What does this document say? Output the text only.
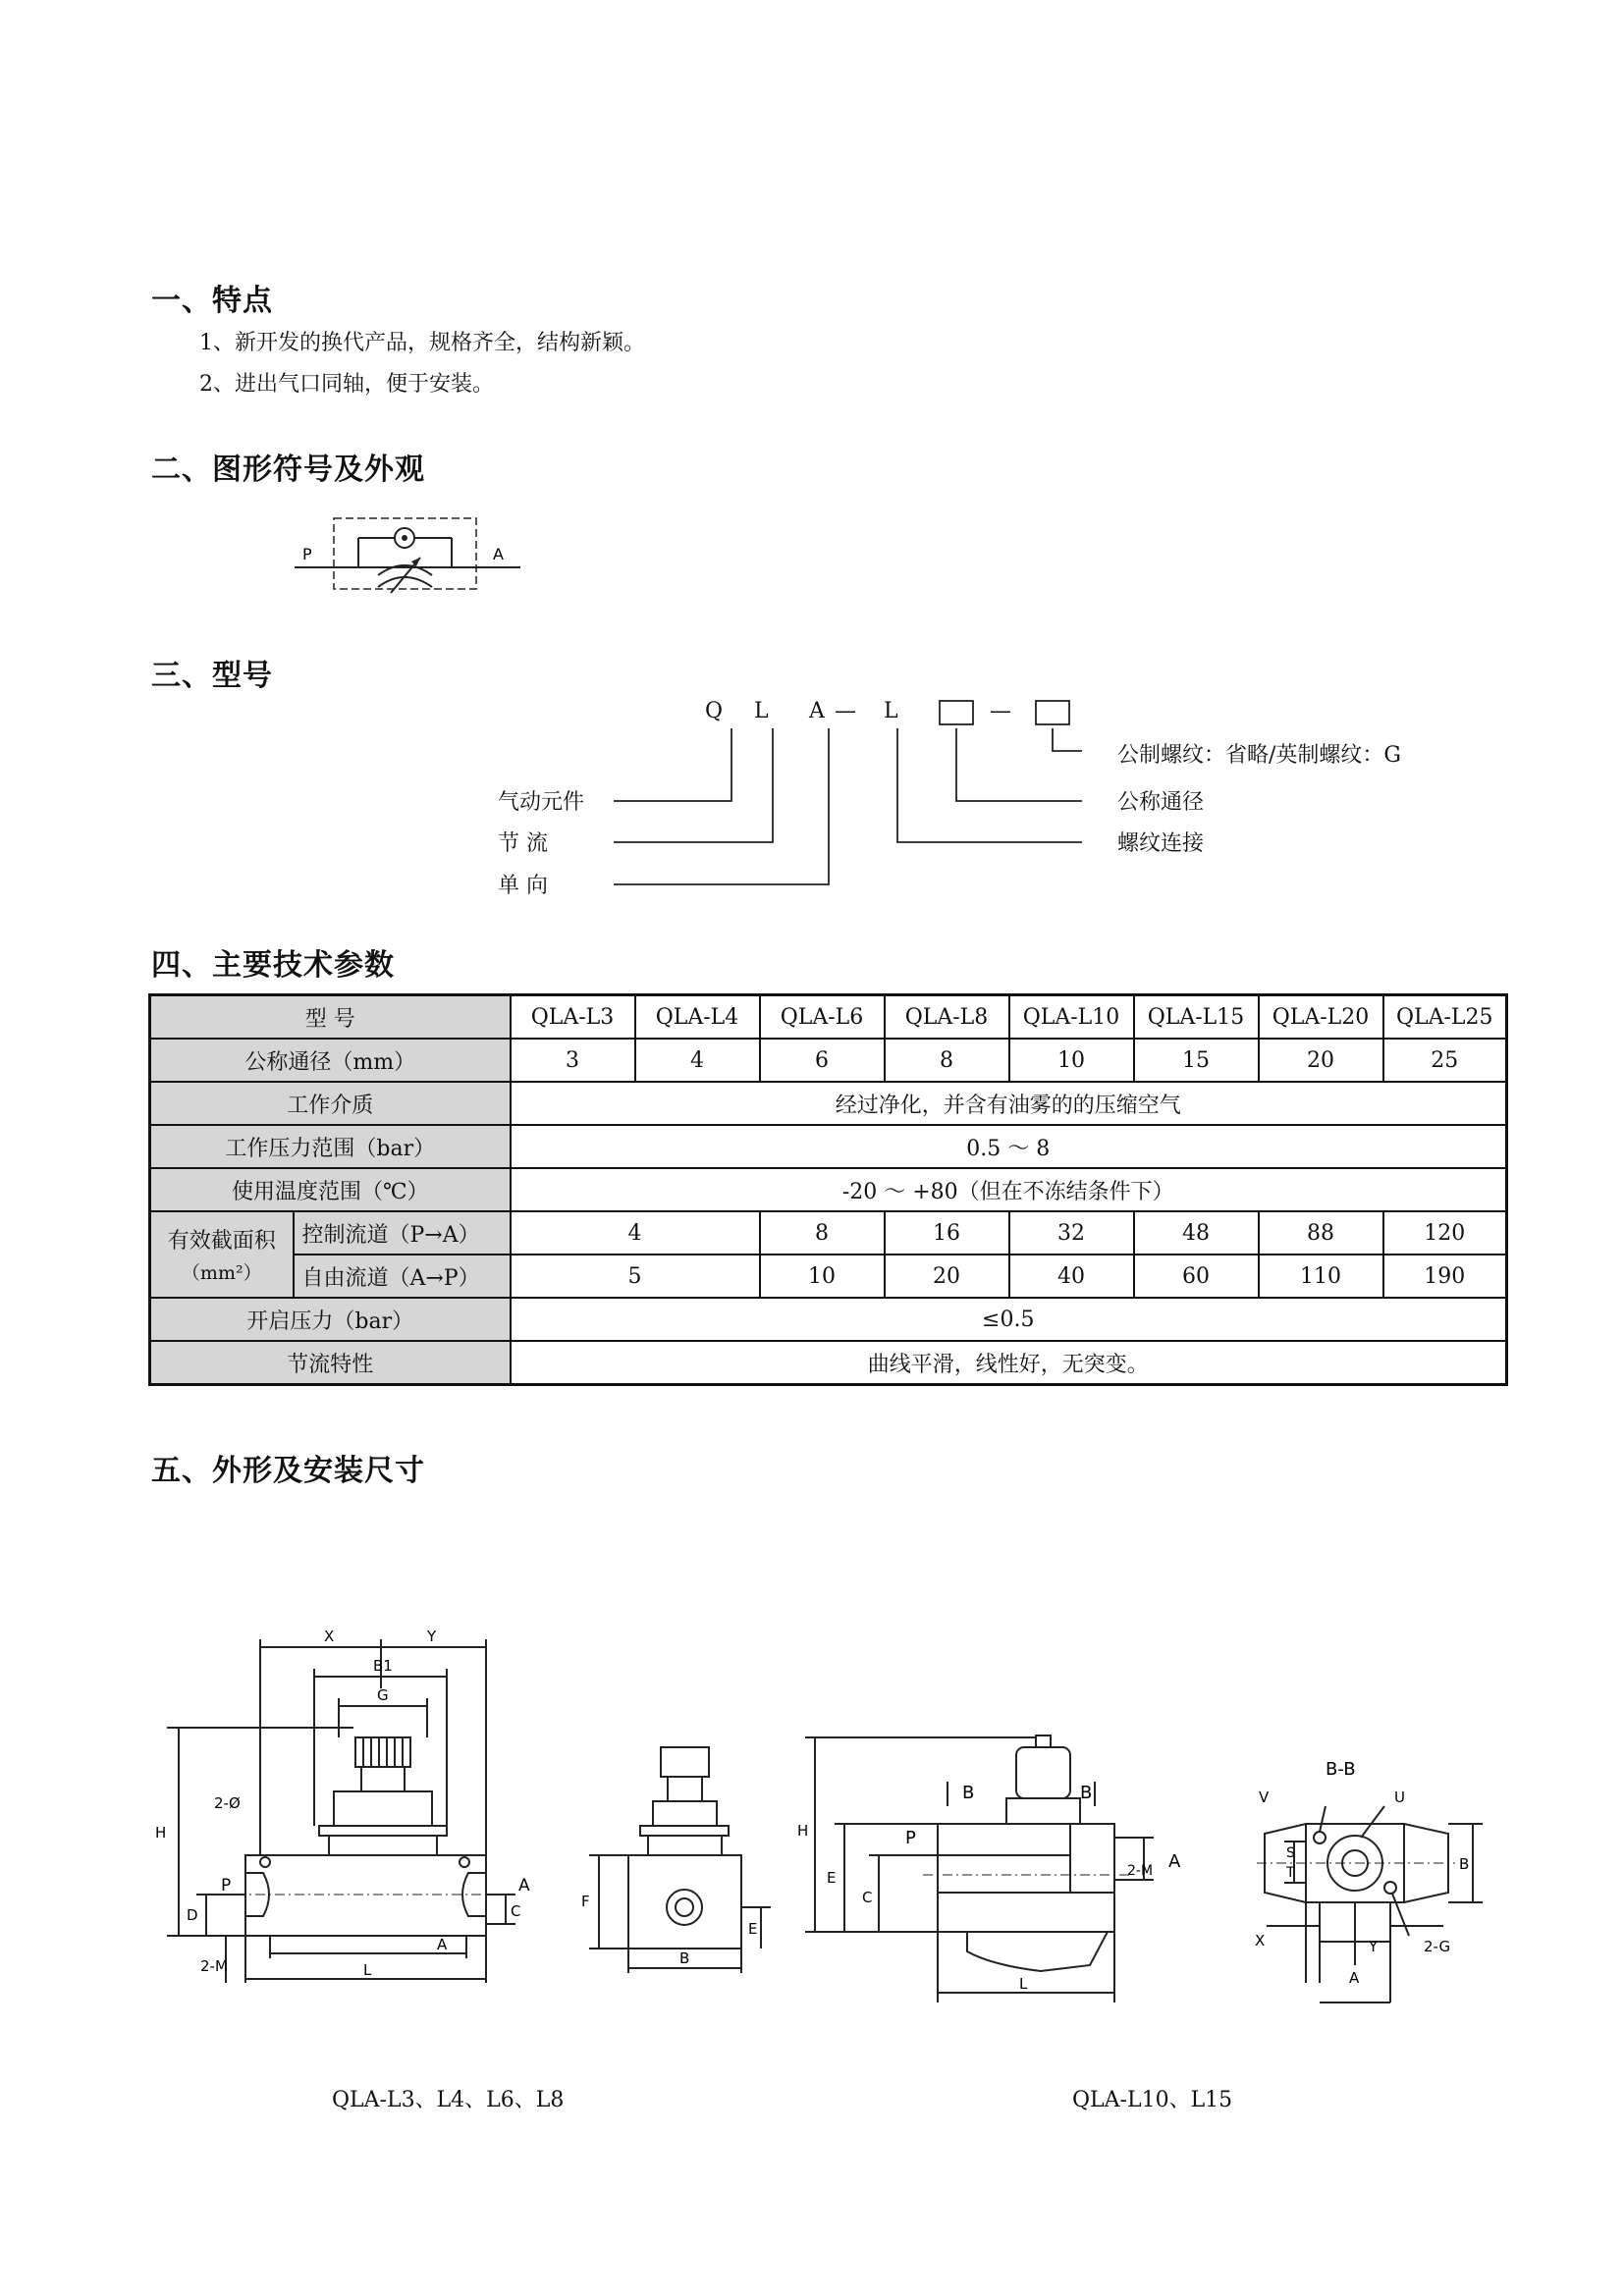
一、特点
1、新开发的换代产品，规格齐全，结构新颖。
2、进出气口同轴，便于安装。
二、图形符号及外观
P	A
三、型号
Q L A — L	—
气动元件
节 流
单 向
公制螺纹：省略/英制螺纹：G
公称通径
螺纹连接
四、主要技术参数
型 号		QLA-L3	QLA-L4	QLA-L6	QLA-L8	QLA-L10	QLA-L15	QLA-L20	QLA-L25
公称通径（mm）		3	4	6	8	10	15	20	25
工作介质		经过净化，并含有油雾的的压缩空气							
工作压力范围（bar）		0.5 ～ 8							
使用温度范围（℃）		-20 ～ +80（但在不冻结条件下）							

有效截面积
（mm²）	控制流道（P→A）	4		8	16	32	48	88	120
	自由流道（A→P）	5		10	20	40	60	110	190
开启压力（bar）		≤0.5							
节流特性		曲线平滑，线性好，无突变。							
五、外形及安装尺寸
X	Y
B1
G
H
D
2-Ø
2-M
P	A
C
A
L
F
E
B
B	B
P
A
2-M
H
E
C
L
B-B
V	U
S
T	B
X	Y
A
2-G
QLA-L3、L4、L6、L8	QLA-L10、L15
